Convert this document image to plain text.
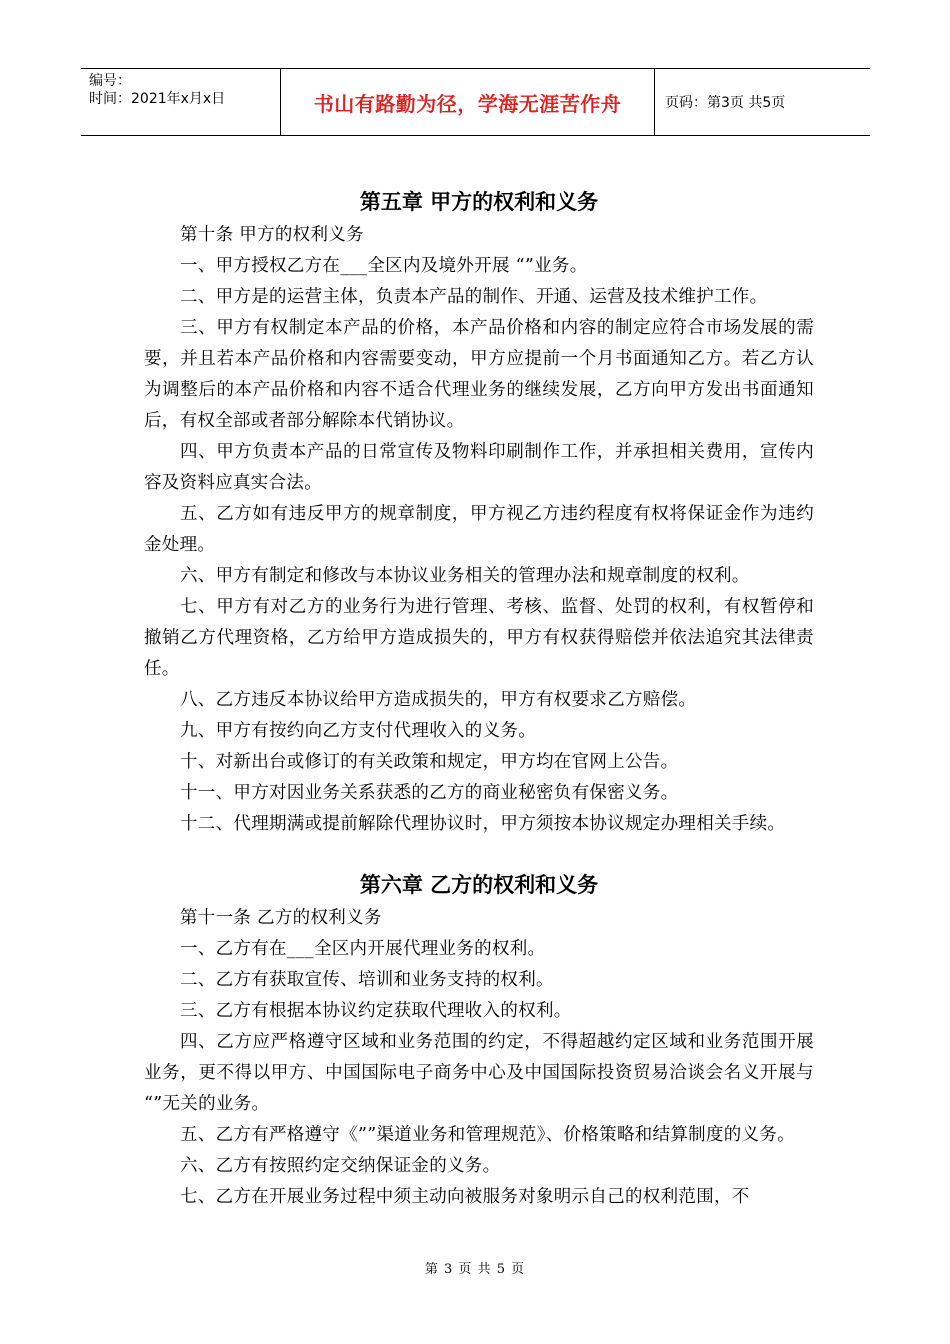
编号：
时间：2021年x月x日	书山有路勤为径，学海无涯苦作舟	页码：第3页 共5页
第五章 甲方的权利和义务

第十条 甲方的权利义务

一、甲方授权乙方在___全区内及境外开展 “”业务。

二、甲方是的运营主体，负责本产品的制作、开通、运营及技术维护工作。

三、甲方有权制定本产品的价格，本产品价格和内容的制定应符合市场发展的需要，并且若本产品价格和内容需要变动，甲方应提前一个月书面通知乙方。若乙方认为调整后的本产品价格和内容不适合代理业务的继续发展，乙方向甲方发出书面通知后，有权全部或者部分解除本代销协议。

四、甲方负责本产品的日常宣传及物料印刷制作工作，并承担相关费用，宣传内容及资料应真实合法。

五、乙方如有违反甲方的规章制度，甲方视乙方违约程度有权将保证金作为违约金处理。

六、甲方有制定和修改与本协议业务相关的管理办法和规章制度的权利。

七、甲方有对乙方的业务行为进行管理、考核、监督、处罚的权利，有权暂停和撤销乙方代理资格，乙方给甲方造成损失的，甲方有权获得赔偿并依法追究其法律责任。

八、乙方违反本协议给甲方造成损失的，甲方有权要求乙方赔偿。

九、甲方有按约向乙方支付代理收入的义务。

十、对新出台或修订的有关政策和规定，甲方均在官网上公告。

十一、甲方对因业务关系获悉的乙方的商业秘密负有保密义务。

十二、代理期满或提前解除代理协议时，甲方须按本协议规定办理相关手续。

第六章 乙方的权利和义务

第十一条 乙方的权利义务

一、乙方有在___全区内开展代理业务的权利。

二、乙方有获取宣传、培训和业务支持的权利。

三、乙方有根据本协议约定获取代理收入的权利。

四、乙方应严格遵守区域和业务范围的约定，不得超越约定区域和业务范围开展业务，更不得以甲方、中国国际电子商务中心及中国国际投资贸易洽谈会名义开展与 “”无关的业务。

五、乙方有严格遵守《””渠道业务和管理规范》、价格策略和结算制度的义务。

六、乙方有按照约定交纳保证金的义务。

七、乙方在开展业务过程中须主动向被服务对象明示自己的权利范围，不

第 3 页 共 5 页
